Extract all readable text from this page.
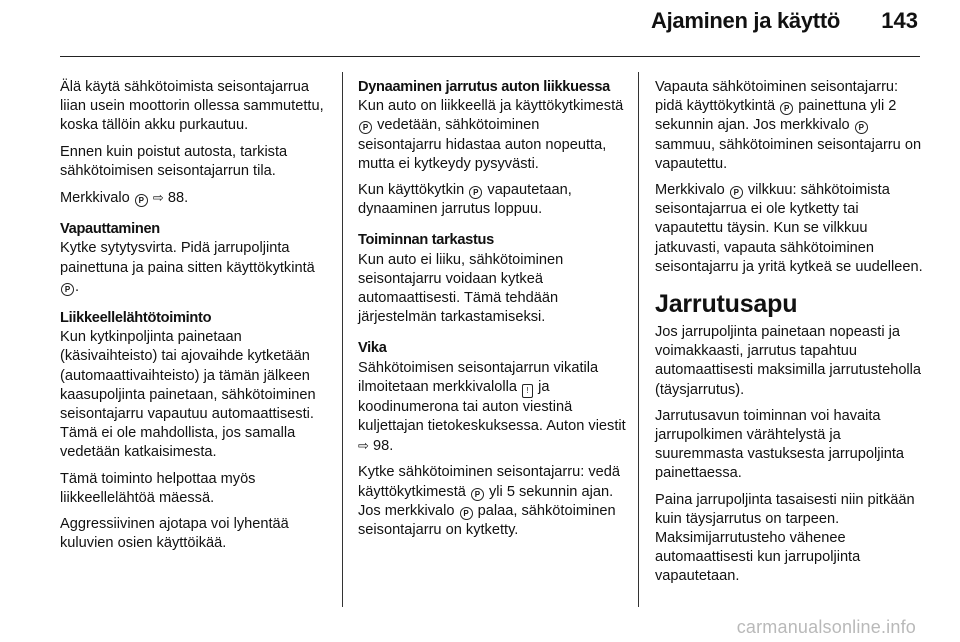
Ajaminen ja käyttö 143

Älä käytä sähkötoimista seisontajarrua liian usein moottorin ollessa sammutettu, koska tällöin akku purkautuu.

Ennen kuin poistut autosta, tarkista sähkötoimisen seisontajarrun tila.

Merkkivalo P ⇨ 88.

Vapauttaminen

Kytke sytytysvirta. Pidä jarrupoljinta painettuna ja paina sitten käyttökytkintä P .

Liikkeellelähtötoiminto

Kun kytkinpoljinta painetaan (käsivaihteisto) tai ajovaihde kytketään (automaattivaihteisto) ja tämän jälkeen kaasupoljinta painetaan, sähkötoiminen seisontajarru vapautuu automaattisesti. Tämä ei ole mahdollista, jos samalla vedetään katkaisimesta.

Tämä toiminto helpottaa myös liikkeellelähtöä mäessä.

Aggressiivinen ajotapa voi lyhentää kuluvien osien käyttöikää.

Dynaaminen jarrutus auton liikkuessa

Kun auto on liikkeellä ja käyttökytkimestä P vedetään, sähkötoiminen seisontajarru hidastaa auton nopeutta, mutta ei kytkeydy pysyvästi.

Kun käyttökytkin P vapautetaan, dynaaminen jarrutus loppuu.

Toiminnan tarkastus

Kun auto ei liiku, sähkötoiminen seisontajarru voidaan kytkeä automaattisesti. Tämä tehdään järjestelmän tarkastamiseksi.

Vika

Sähkötoimisen seisontajarrun vikatila ilmoitetaan merkkivalolla ! ja koodinumerona tai auton viestinä kuljettajan tietokeskuksessa. Auton viestit
⇨ 98.

Kytke sähkötoiminen seisontajarru: vedä käyttökytkimestä P yli 5 sekunnin ajan. Jos merkkivalo P palaa, sähkötoiminen seisontajarru on kytketty.

Vapauta sähkötoiminen seisontajarru: pidä käyttökytkintä P painettuna yli 2 sekunnin ajan. Jos merkkivalo P sammuu, sähkötoiminen seisontajarru on vapautettu.

Merkkivalo P vilkkuu: sähkötoimista seisontajarrua ei ole kytketty tai vapautettu täysin. Kun se vilkkuu jatkuvasti, vapauta sähkötoiminen seisontajarru ja yritä kytkeä se uudelleen.

Jarrutusapu

Jos jarrupoljinta painetaan nopeasti ja voimakkaasti, jarrutus tapahtuu automaattisesti maksimilla jarrutusteholla (täysjarrutus).

Jarrutusavun toiminnan voi havaita jarrupolkimen värähtelystä ja suuremmasta vastuksesta jarrupoljinta painettaessa.

Paina jarrupoljinta tasaisesti niin pitkään kuin täysjarrutus on tarpeen. Maksimijarrutusteho vähenee automaattisesti kun jarrupoljinta vapautetaan.

carmanualsonline.info
